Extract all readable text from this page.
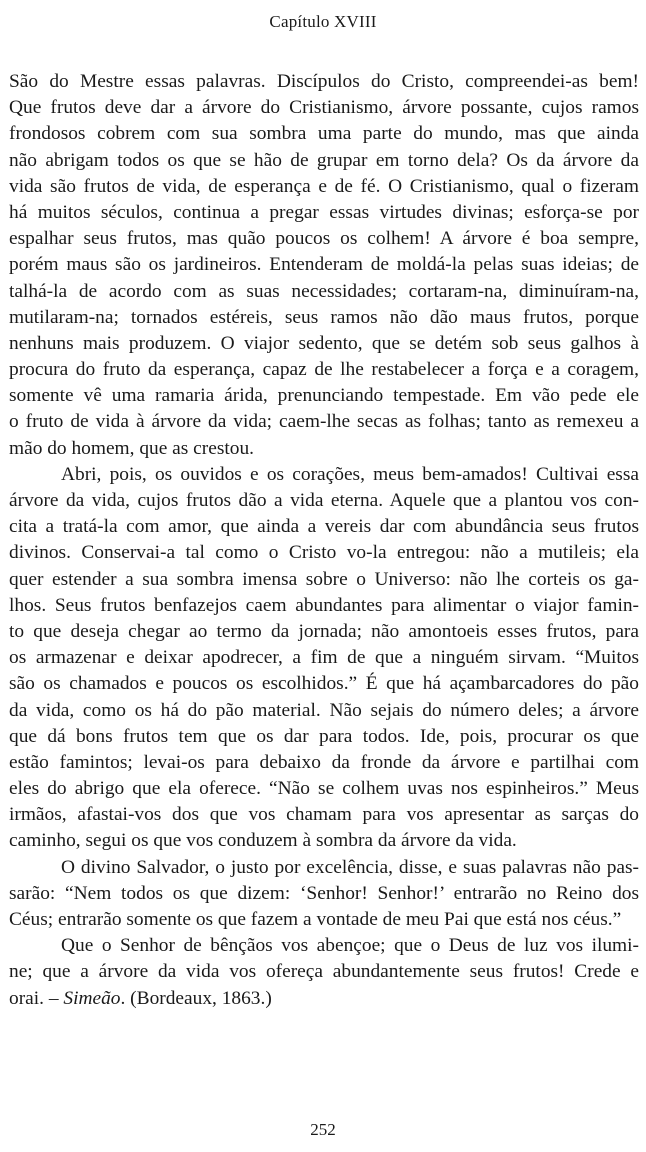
Capítulo XVIII
São do Mestre essas palavras. Discípulos do Cristo, compreendei-as bem!
Que frutos deve dar a árvore do Cristianismo, árvore possante, cujos ramos
frondosos cobrem com sua sombra uma parte do mundo, mas que ainda
não abrigam todos os que se hão de grupar em torno dela? Os da árvore da
vida são frutos de vida, de esperança e de fé. O Cristianismo, qual o fizeram
há muitos séculos, continua a pregar essas virtudes divinas; esforça-se por
espalhar seus frutos, mas quão poucos os colhem! A árvore é boa sempre,
porém maus são os jardineiros. Entenderam de moldá-la pelas suas ideias; de
talhá-la de acordo com as suas necessidades; cortaram-na, diminuíram-na,
mutilaram-na; tornados estéreis, seus ramos não dão maus frutos, porque
nenhuns mais produzem. O viajor sedento, que se detém sob seus galhos à
procura do fruto da esperança, capaz de lhe restabelecer a força e a coragem,
somente vê uma ramaria árida, prenunciando tempestade. Em vão pede ele
o fruto de vida à árvore da vida; caem-lhe secas as folhas; tanto as remexeu a
mão do homem, que as crestou.
Abri, pois, os ouvidos e os corações, meus bem-amados! Cultivai essa
árvore da vida, cujos frutos dão a vida eterna. Aquele que a plantou vos con-
cita a tratá-la com amor, que ainda a vereis dar com abundância seus frutos
divinos. Conservai-a tal como o Cristo vo-la entregou: não a mutileis; ela
quer estender a sua sombra imensa sobre o Universo: não lhe corteis os ga-
lhos. Seus frutos benfazejos caem abundantes para alimentar o viajor famin-
to que deseja chegar ao termo da jornada; não amontoeis esses frutos, para
os armazenar e deixar apodrecer, a fim de que a ninguém sirvam. “Muitos
são os chamados e poucos os escolhidos.” É que há açambarcadores do pão
da vida, como os há do pão material. Não sejais do número deles; a árvore
que dá bons frutos tem que os dar para todos. Ide, pois, procurar os que
estão famintos; levai-os para debaixo da fronde da árvore e partilhai com
eles do abrigo que ela oferece. “Não se colhem uvas nos espinheiros.” Meus
irmãos, afastai-vos dos que vos chamam para vos apresentar as sarças do
caminho, segui os que vos conduzem à sombra da árvore da vida.
O divino Salvador, o justo por excelência, disse, e suas palavras não pas-
sarão: “Nem todos os que dizem: ‘Senhor! Senhor!’ entrarão no Reino dos
Céus; entrarão somente os que fazem a vontade de meu Pai que está nos céus.”
Que o Senhor de bênçãos vos abençoe; que o Deus de luz vos ilumi-
ne; que a árvore da vida vos ofereça abundantemente seus frutos! Crede e
orai. – Simeão. (Bordeaux, 1863.)
252
